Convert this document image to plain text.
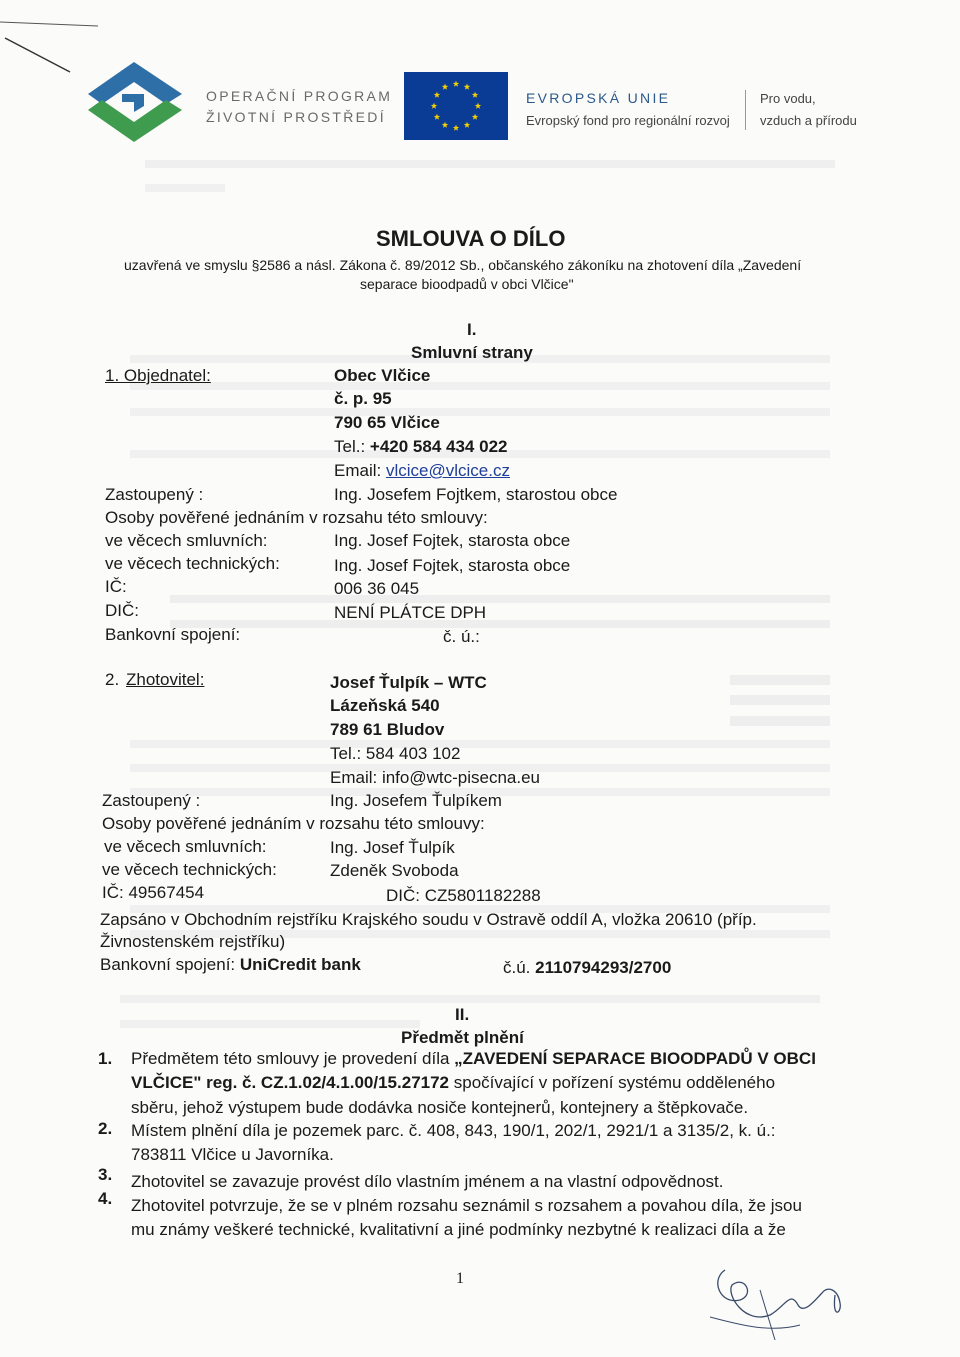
OPERAČNÍ PROGRAM
ŽIVOTNÍ PROSTŘEDÍ
EVROPSKÁ UNIE
Evropský fond pro regionální rozvoj
Pro vodu,
vzduch a přírodu
SMLOUVA O DÍLO
uzavřená ve smyslu §2586 a násl. Zákona č. 89/2012 Sb., občanského zákoníku na zhotovení díla „Zavedení
separace bioodpadů v obci Vlčice"
I.
Smluvní strany
1. Objednatel:	Obec Vlčice
č. p. 95
790 65 Vlčice
Tel.: +420 584 434 022
Email: vlcice@vlcice.cz
Zastoupený :	Ing. Josefem Fojtkem, starostou obce
Osoby pověřené jednáním v rozsahu této smlouvy:
ve věcech smluvních:	Ing. Josef Fojtek, starosta obce
ve věcech technických:	Ing. Josef Fojtek, starosta obce
IČ:	006 36 045
DIČ:	NENÍ PLÁTCE DPH
Bankovní spojení:	č. ú.:
2. Zhotovitel:	Josef Ťulpík – WTC
Lázeňská 540
789 61 Bludov
Tel.: 584 403 102
Email: info@wtc-pisecna.eu
Zastoupený :	Ing. Josefem Ťulpíkem
Osoby pověřené jednáním v rozsahu této smlouvy:
ve věcech smluvních:	Ing. Josef Ťulpík
ve věcech technických:	Zdeněk Svoboda
IČ: 49567454	DIČ: CZ5801182288
Zapsáno v Obchodním rejstříku Krajského soudu v Ostravě oddíl A, vložka 20610 (příp.
Živnostenském rejstříku)
Bankovní spojení: UniCredit bank	č.ú. 2110794293/2700
II.
Předmět plnění
1. Předmětem této smlouvy je provedení díla „ZAVEDENÍ SEPARACE BIOODPADŮ V OBCI
VLČICE" reg. č. CZ.1.02/4.1.00/15.27172 spočívající v pořízení systému odděleného
sběru, jehož výstupem bude dodávka nosiče kontejnerů, kontejnery a štěpkovače.
2. Místem plnění díla je pozemek parc. č. 408, 843, 190/1, 202/1, 2921/1 a 3135/2, k. ú.:
783811 Vlčice u Javorníka.
3. Zhotovitel se zavazuje provést dílo vlastním jménem a na vlastní odpovědnost.
4. Zhotovitel potvrzuje, že se v plném rozsahu seznámil s rozsahem a povahou díla, že jsou
mu známy veškeré technické, kvalitativní a jiné podmínky nezbytné k realizaci díla a že
1
